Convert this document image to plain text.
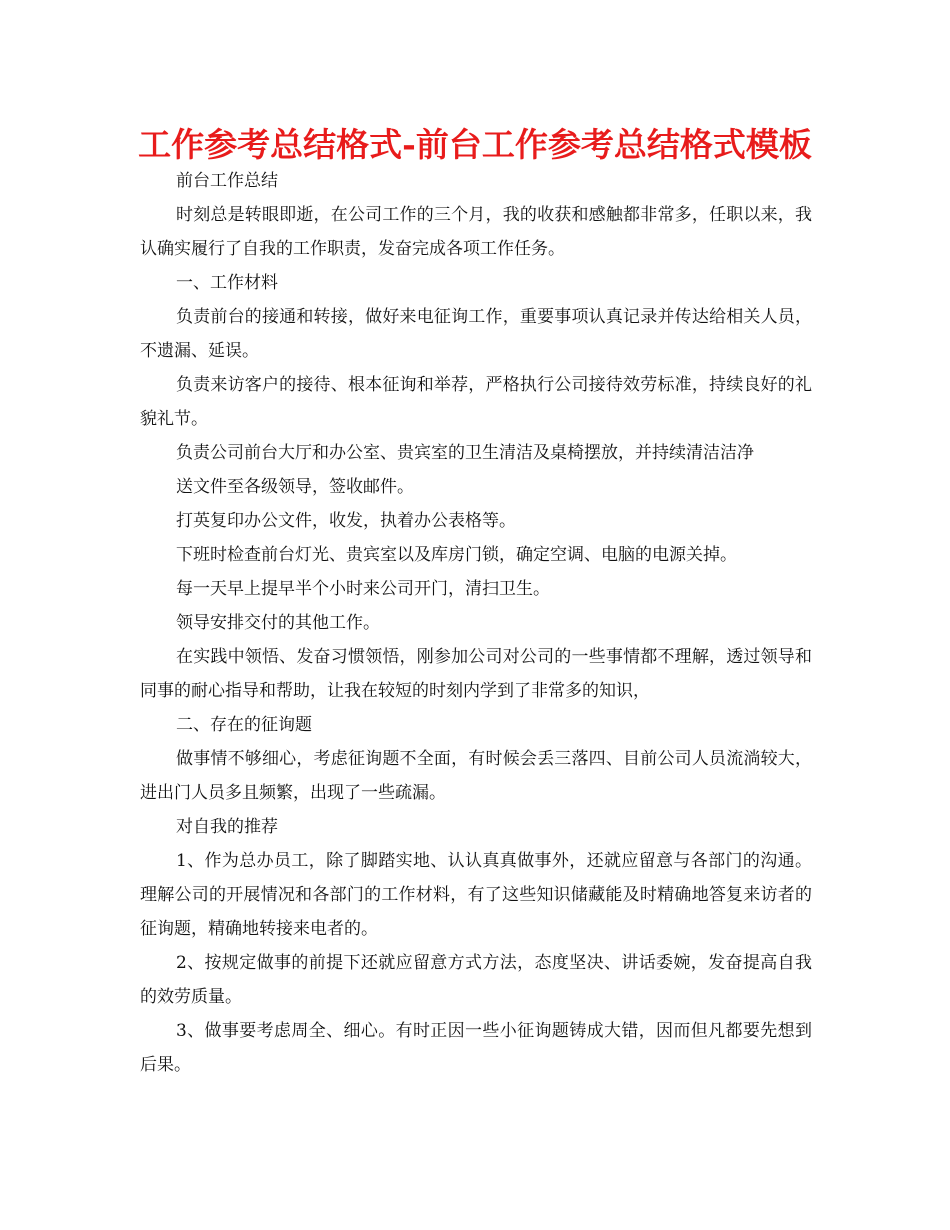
工作参考总结格式-前台工作参考总结格式模板

前台工作总结

时刻总是转眼即逝，在公司工作的三个月，我的收获和感触都非常多，任职以来，我认确实履行了自我的工作职责，发奋完成各项工作任务。

一、工作材料

负责前台的接通和转接，做好来电征询工作，重要事项认真记录并传达给相关人员，不遗漏、延误。

负责来访客户的接待、根本征询和举荐，严格执行公司接待效劳标准，持续良好的礼貌礼节。

负责公司前台大厅和办公室、贵宾室的卫生清洁及桌椅摆放，并持续清洁洁净

送文件至各级领导，签收邮件。

打英复印办公文件，收发，执着办公表格等。

下班时检查前台灯光、贵宾室以及库房门锁，确定空调、电脑的电源关掉。

每一天早上提早半个小时来公司开门，清扫卫生。

领导安排交付的其他工作。

在实践中领悟、发奋习惯领悟，刚参加公司对公司的一些事情都不理解，透过领导和同事的耐心指导和帮助，让我在较短的时刻内学到了非常多的知识，

二、存在的征询题

做事情不够细心，考虑征询题不全面，有时候会丢三落四、目前公司人员流淌较大，进出门人员多且频繁，出现了一些疏漏。

对自我的推荐

1、作为总办员工，除了脚踏实地、认认真真做事外，还就应留意与各部门的沟通。理解公司的开展情况和各部门的工作材料，有了这些知识储藏能及时精确地答复来访者的征询题，精确地转接来电者的。

2、按规定做事的前提下还就应留意方式方法，态度坚决、讲话委婉，发奋提高自我的效劳质量。

3、做事要考虑周全、细心。有时正因一些小征询题铸成大错，因而但凡都要先想到后果。
